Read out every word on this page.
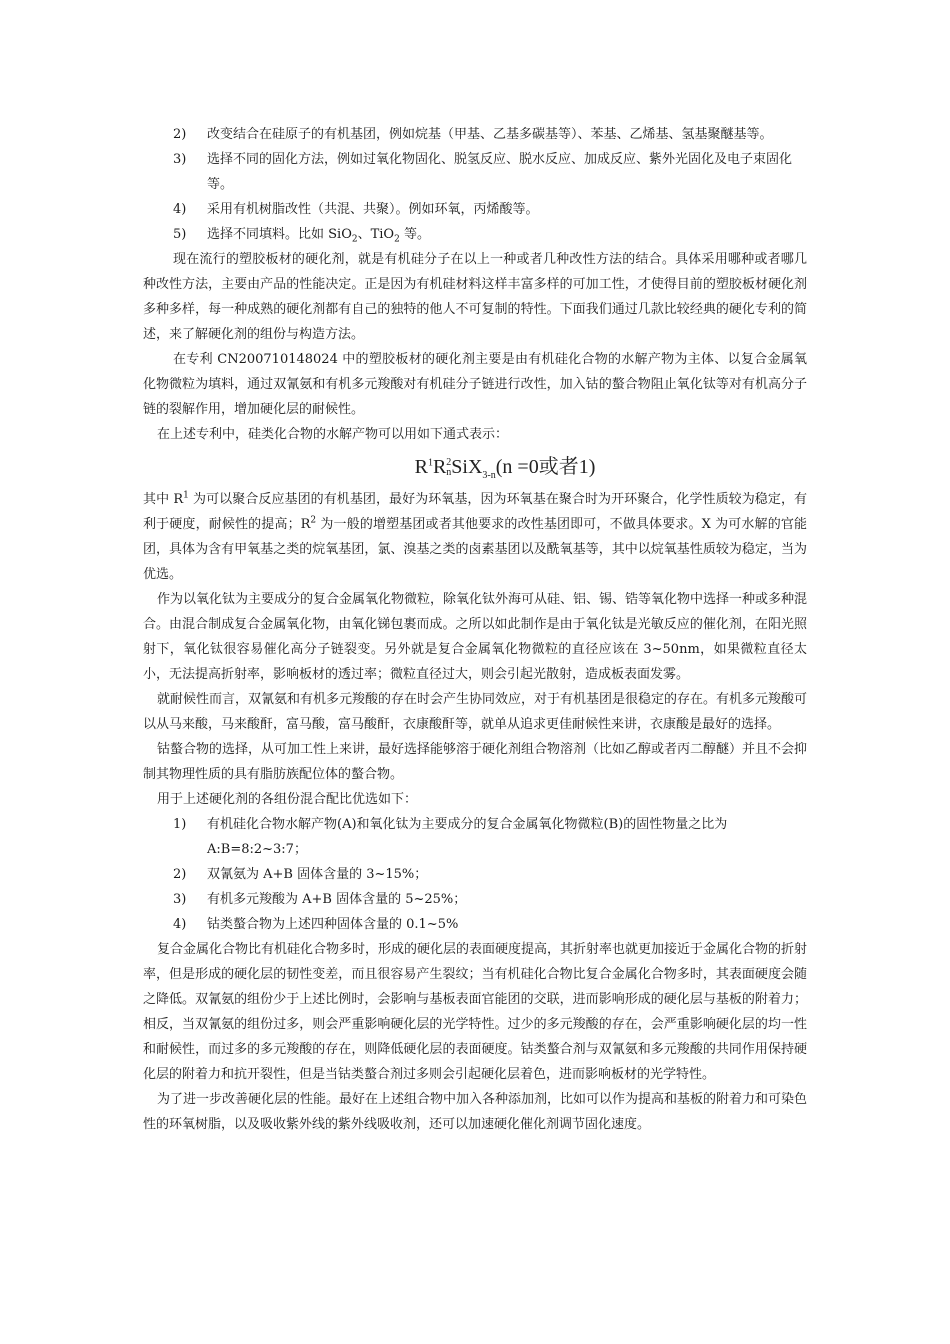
2) 改变结合在硅原子的有机基团，例如烷基（甲基、乙基多碳基等）、苯基、乙烯基、氢基聚醚基等。
3) 选择不同的固化方法，例如过氧化物固化、脱氢反应、脱水反应、加成反应、紫外光固化及电子束固化等。
4) 采用有机树脂改性（共混、共聚）。例如环氧，丙烯酸等。
5) 选择不同填料。比如 SiO$_2$、TiO$_2$ 等。

现在流行的塑胶板材的硬化剂，就是有机硅分子在以上一种或者几种改性方法的结合。具体采用哪种或者哪几种改性方法，主要由产品的性能决定。正是因为有机硅材料这样丰富多样的可加工性，才使得目前的塑胶板材硬化剂多种多样，每一种成熟的硬化剂都有自己的独特的他人不可复制的特性。下面我们通过几款比较经典的硬化专利的简述，来了解硬化剂的组份与构造方法。

在专利 CN200710148024 中的塑胶板材的硬化剂主要是由有机硅化合物的水解产物为主体、以复合金属氧化物微粒为填料，通过双氰氨和有机多元羧酸对有机硅分子链进行改性，加入钴的螯合物阻止氧化钛等对有机高分子链的裂解作用，增加硬化层的耐候性。

在上述专利中，硅类化合物的水解产物可以用如下通式表示：

$R^1R$ 2
n SiX$_{3-n}$(n =0或者1)

其中 $R^1$ 为可以聚合反应基团的有机基团，最好为环氧基，因为环氧基在聚合时为开环聚合，化学性质较为稳定，有利于硬度，耐候性的提高；$R^2$ 为一般的增塑基团或者其他要求的改性基团即可，不做具体要求。X 为可水解的官能团，具体为含有甲氧基之类的烷氧基团，氯、溴基之类的卤素基团以及酰氧基等，其中以烷氧基性质较为稳定，当为优选。

作为以氧化钛为主要成分的复合金属氧化物微粒，除氧化钛外海可从硅、铝、锡、锆等氧化物中选择一种或多种混合。由混合制成复合金属氧化物，由氧化锑包裹而成。之所以如此制作是由于氧化钛是光敏反应的催化剂，在阳光照射下，氧化钛很容易催化高分子链裂变。另外就是复合金属氧化物微粒的直径应该在 3~50nm，如果微粒直径太小，无法提高折射率，影响板材的透过率；微粒直径过大，则会引起光散射，造成板表面发雾。

就耐候性而言，双氰氨和有机多元羧酸的存在时会产生协同效应，对于有机基团是很稳定的存在。有机多元羧酸可以从马来酸，马来酸酐，富马酸，富马酸酐，衣康酸酐等，就单从追求更佳耐候性来讲，衣康酸是最好的选择。

钴螯合物的选择，从可加工性上来讲，最好选择能够溶于硬化剂组合物溶剂（比如乙醇或者丙二醇醚）并且不会抑制其物理性质的具有脂肪族配位体的螯合物。

用于上述硬化剂的各组份混合配比优选如下：

1) 有机硅化合物水解产物(A)和氧化钛为主要成分的复合金属氧化物微粒(B)的固性物量之比为 A:B=8:2~3:7；
2) 双氰氨为 A+B 固体含量的 3~15%；
3) 有机多元羧酸为 A+B 固体含量的 5~25%；
4) 钴类螯合物为上述四种固体含量的 0.1~5%

复合金属化合物比有机硅化合物多时，形成的硬化层的表面硬度提高，其折射率也就更加接近于金属化合物的折射率，但是形成的硬化层的韧性变差，而且很容易产生裂纹；当有机硅化合物比复合金属化合物多时，其表面硬度会随之降低。双氰氨的组份少于上述比例时，会影响与基板表面官能团的交联，进而影响形成的硬化层与基板的附着力；相反，当双氰氨的组份过多，则会严重影响硬化层的光学特性。过少的多元羧酸的存在，会严重影响硬化层的均一性和耐候性，而过多的多元羧酸的存在，则降低硬化层的表面硬度。钴类螯合剂与双氰氨和多元羧酸的共同作用保持硬化层的附着力和抗开裂性，但是当钴类螯合剂过多则会引起硬化层着色，进而影响板材的光学特性。

为了进一步改善硬化层的性能。最好在上述组合物中加入各种添加剂，比如可以作为提高和基板的附着力和可染色性的环氧树脂，以及吸收紫外线的紫外线吸收剂，还可以加速硬化催化剂调节固化速度。
